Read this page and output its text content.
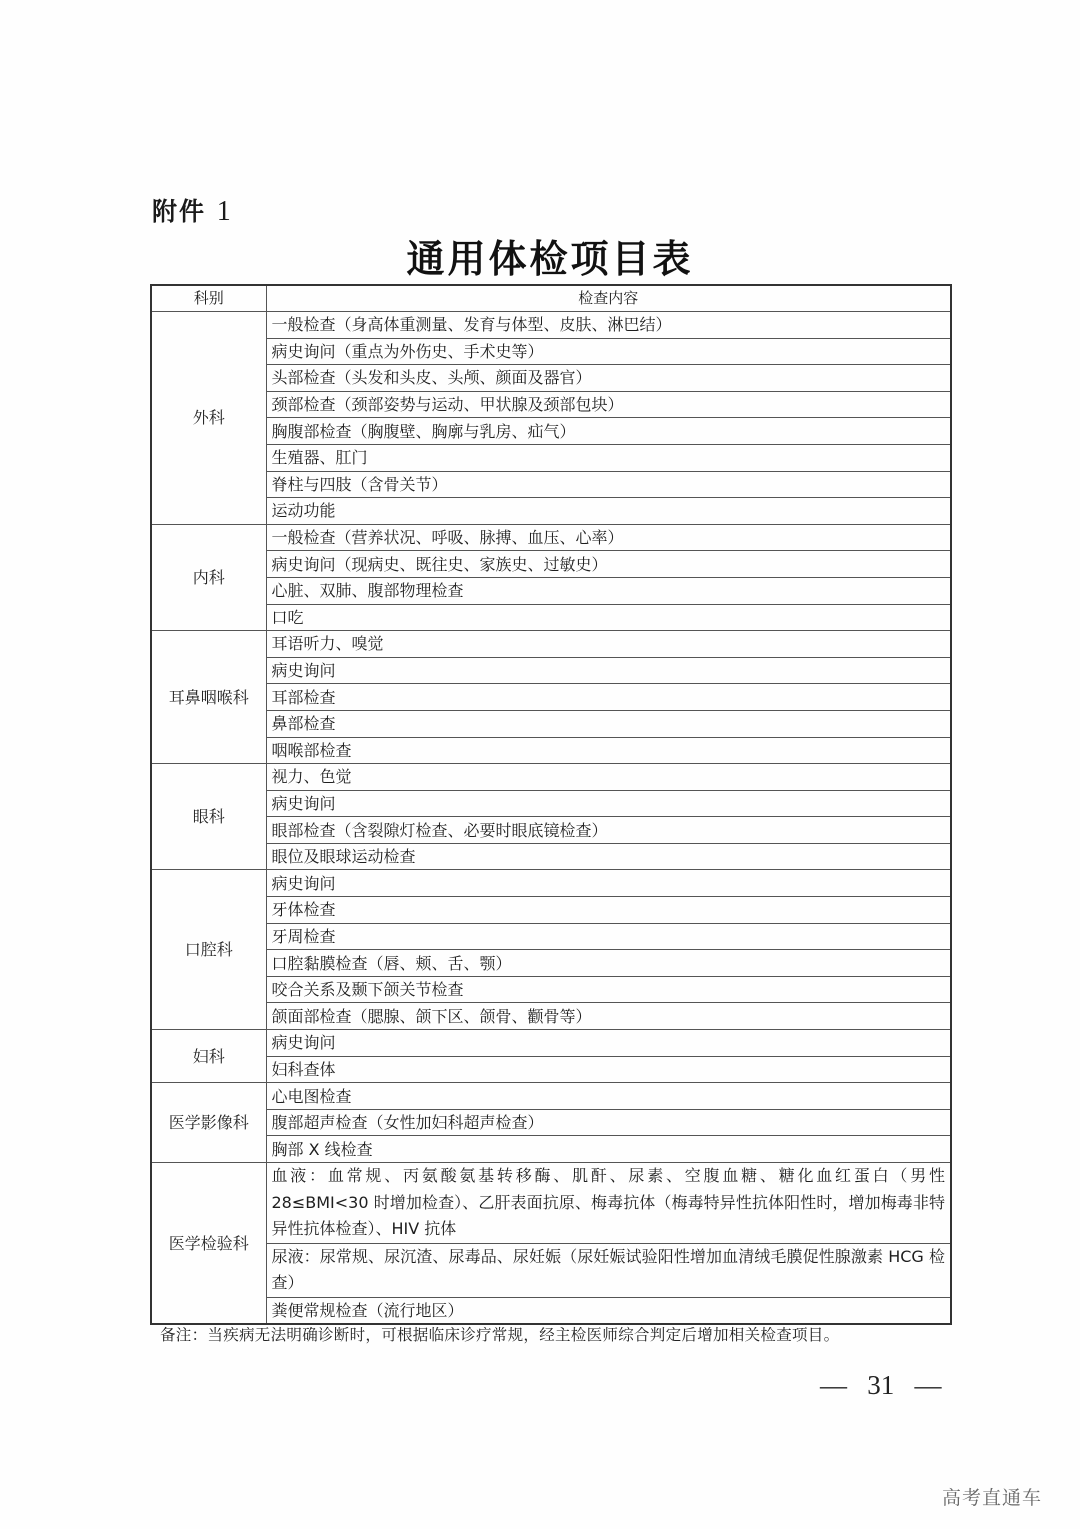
附件 1
通用体检项目表
科别	检查内容
外科	一般检查（身高体重测量、发育与体型、皮肤、淋巴结）
	病史询问（重点为外伤史、手术史等）
	头部检查（头发和头皮、头颅、颜面及器官）
	颈部检查（颈部姿势与运动、甲状腺及颈部包块）
	胸腹部检查（胸腹壁、胸廓与乳房、疝气）
	生殖器、肛门
	脊柱与四肢（含骨关节）
	运动功能
内科	一般检查（营养状况、呼吸、脉搏、血压、心率）
	病史询问（现病史、既往史、家族史、过敏史）
	心脏、双肺、腹部物理检查
	口吃
耳鼻咽喉科	耳语听力、嗅觉
	病史询问
	耳部检查
	鼻部检查
	咽喉部检查
眼科	视力、色觉
	病史询问
	眼部检查（含裂隙灯检查、必要时眼底镜检查）
	眼位及眼球运动检查
口腔科	病史询问
	牙体检查
	牙周检查
	口腔黏膜检查（唇、颊、舌、颚）
	咬合关系及颞下颌关节检查
	颌面部检查（腮腺、颌下区、颌骨、颧骨等）
妇科	病史询问
	妇科查体
医学影像科	心电图检查
	腹部超声检查（女性加妇科超声检查）
	胸部 X 线检查
医学检验科	血液：血常规、丙氨酸氨基转移酶、肌酐、尿素、空腹血糖、糖化血红蛋白（男性 28≤BMI<30 时增加检查）、乙肝表面抗原、梅毒抗体（梅毒特异性抗体阳性时，增加梅毒非特异性抗体检查）、HIV 抗体
	尿液：尿常规、尿沉渣、尿毒品、尿妊娠（尿妊娠试验阳性增加血清绒毛膜促性腺激素 HCG 检查）
	粪便常规检查（流行地区）
备注：当疾病无法明确诊断时，可根据临床诊疗常规，经主检医师综合判定后增加相关检查项目。
—   31   —
高考直通车
